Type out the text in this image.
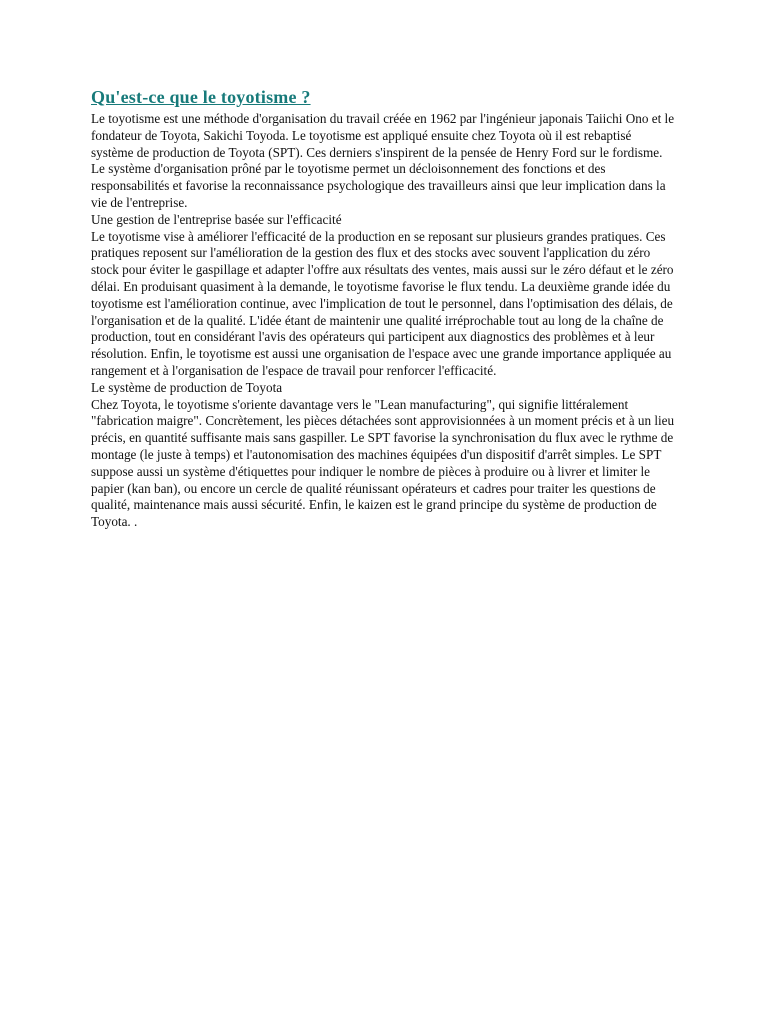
Qu'est-ce que le toyotisme ?

Le toyotisme est une méthode d'organisation du travail créée en 1962 par l'ingénieur japonais Taiichi Ono et le fondateur de Toyota, Sakichi Toyoda. Le toyotisme est appliqué ensuite chez Toyota où il est rebaptisé système de production de Toyota (SPT). Ces derniers s'inspirent de la pensée de Henry Ford sur le fordisme. Le système d'organisation prôné par le toyotisme permet un décloisonnement des fonctions et des responsabilités et favorise la reconnaissance psychologique des travailleurs ainsi que leur implication dans la vie de l'entreprise.

Une gestion de l'entreprise basée sur l'efficacité

Le toyotisme vise à améliorer l'efficacité de la production en se reposant sur plusieurs grandes pratiques. Ces pratiques reposent sur l'amélioration de la gestion des flux et des stocks avec souvent l'application du zéro stock pour éviter le gaspillage et adapter l'offre aux résultats des ventes, mais aussi sur le zéro défaut et le zéro délai. En produisant quasiment à la demande, le toyotisme favorise le flux tendu. La deuxième grande idée du toyotisme est l'amélioration continue, avec l'implication de tout le personnel, dans l'optimisation des délais, de l'organisation et de la qualité. L'idée étant de maintenir une qualité irréprochable tout au long de la chaîne de production, tout en considérant l'avis des opérateurs qui participent aux diagnostics des problèmes et à leur résolution. Enfin, le toyotisme est aussi une organisation de l'espace avec une grande importance appliquée au rangement et à l'organisation de l'espace de travail pour renforcer l'efficacité.

Le système de production de Toyota

Chez Toyota, le toyotisme s'oriente davantage vers le "Lean manufacturing", qui signifie littéralement "fabrication maigre". Concrètement, les pièces détachées sont approvisionnées à un moment précis et à un lieu précis, en quantité suffisante mais sans gaspiller. Le SPT favorise la synchronisation du flux avec le rythme de montage (le juste à temps) et l'autonomisation des machines équipées d'un dispositif d'arrêt simples. Le SPT suppose aussi un système d'étiquettes pour indiquer le nombre de pièces à produire ou à livrer et limiter le papier (kan ban), ou encore un cercle de qualité réunissant opérateurs et cadres pour traiter les questions de qualité, maintenance mais aussi sécurité. Enfin, le kaizen est le grand principe du système de production de Toyota. .
